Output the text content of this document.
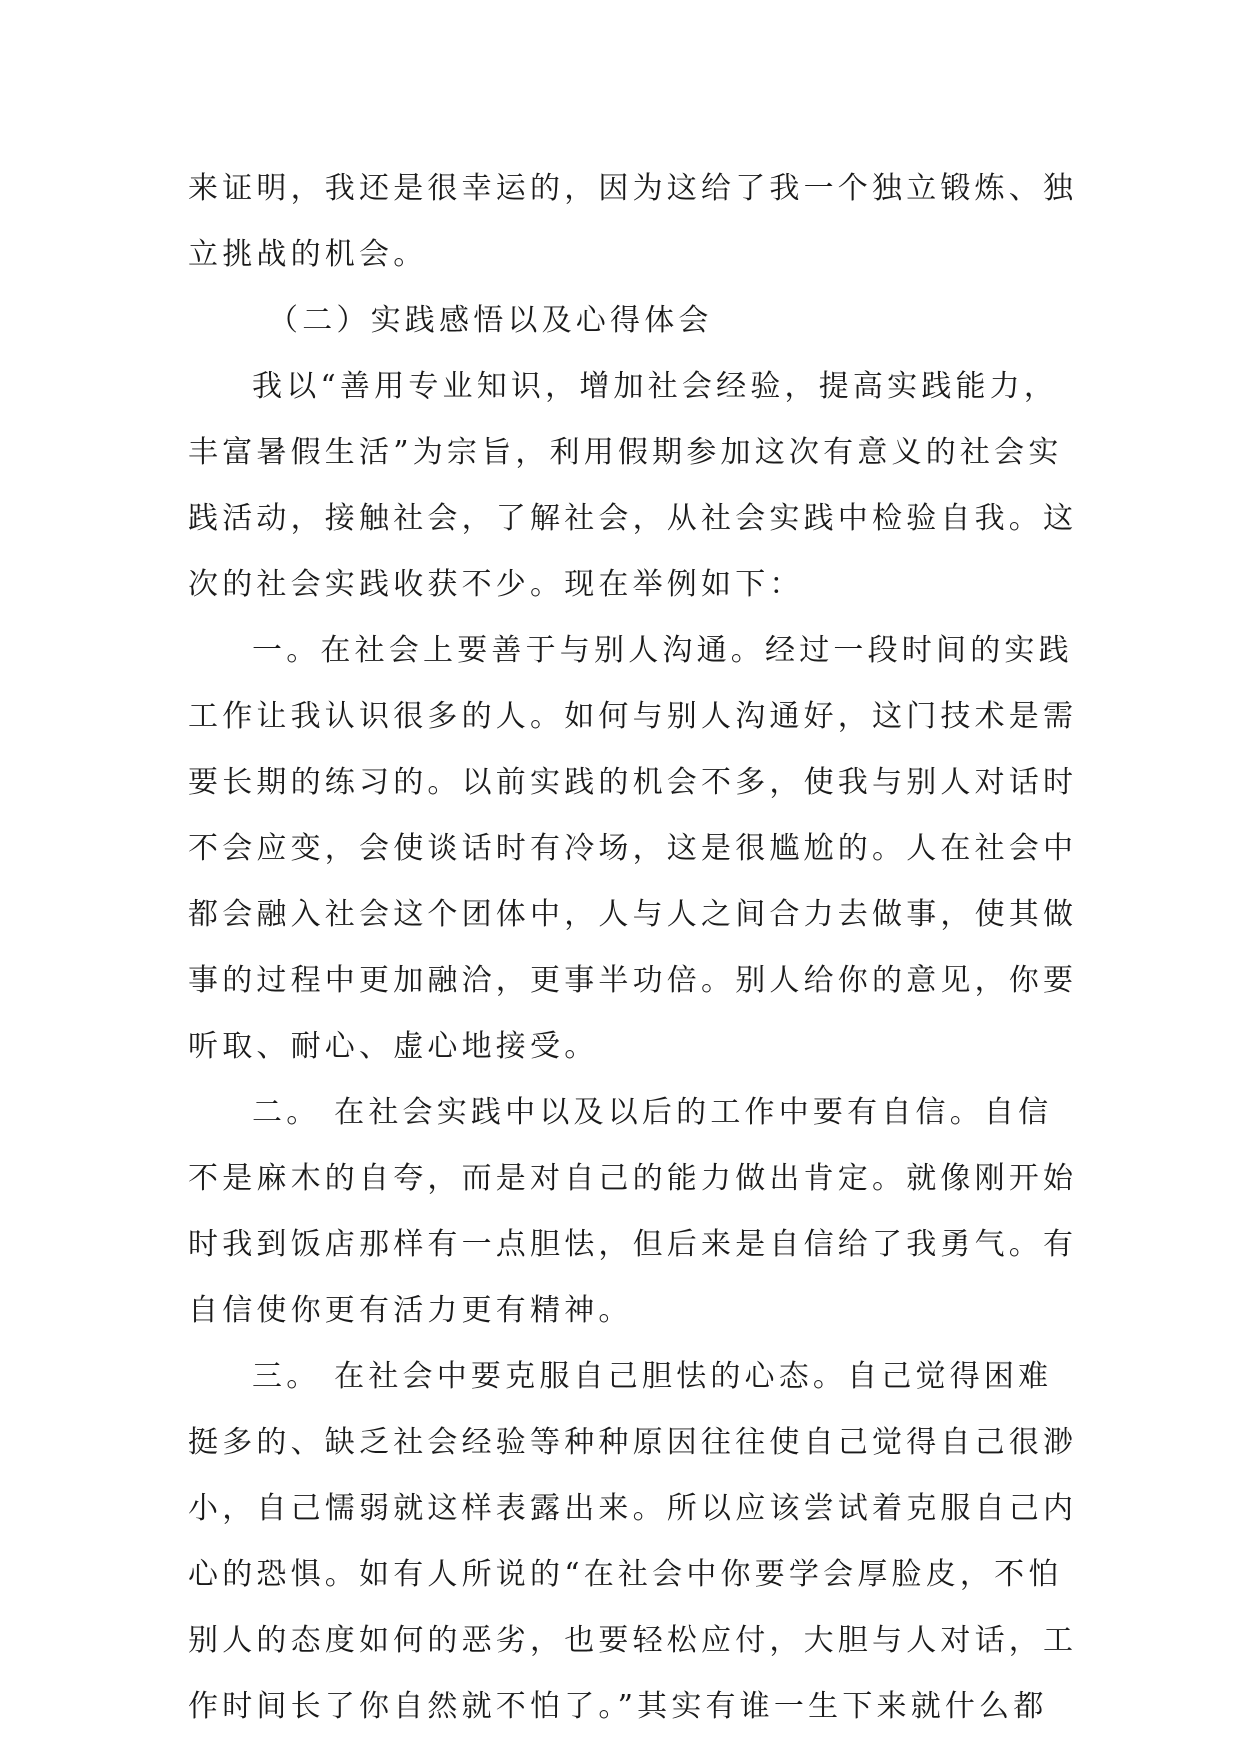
来证明，我还是很幸运的，因为这给了我一个独立锻炼、独
立挑战的机会。
（二）实践感悟以及心得体会
我以“善用专业知识，增加社会经验，提高实践能力，
丰富暑假生活”为宗旨，利用假期参加这次有意义的社会实
践活动，接触社会，了解社会，从社会实践中检验自我。这
次的社会实践收获不少。现在举例如下：
一。在社会上要善于与别人沟通。经过一段时间的实践
工作让我认识很多的人。如何与别人沟通好，这门技术是需
要长期的练习的。以前实践的机会不多，使我与别人对话时
不会应变，会使谈话时有冷场，这是很尴尬的。人在社会中
都会融入社会这个团体中，人与人之间合力去做事，使其做
事的过程中更加融洽，更事半功倍。别人给你的意见，你要
听取、耐心、虚心地接受。
二。 在社会实践中以及以后的工作中要有自信。自信
不是麻木的自夸，而是对自己的能力做出肯定。就像刚开始
时我到饭店那样有一点胆怯，但后来是自信给了我勇气。有
自信使你更有活力更有精神。
三。 在社会中要克服自己胆怯的心态。自己觉得困难
挺多的、缺乏社会经验等种种原因往往使自己觉得自己很渺
小，自己懦弱就这样表露出来。所以应该尝试着克服自己内
心的恐惧。如有人所说的“在社会中你要学会厚脸皮，不怕
别人的态度如何的恶劣，也要轻松应付，大胆与人对话，工
作时间长了你自然就不怕了。”其实有谁一生下来就什么都
